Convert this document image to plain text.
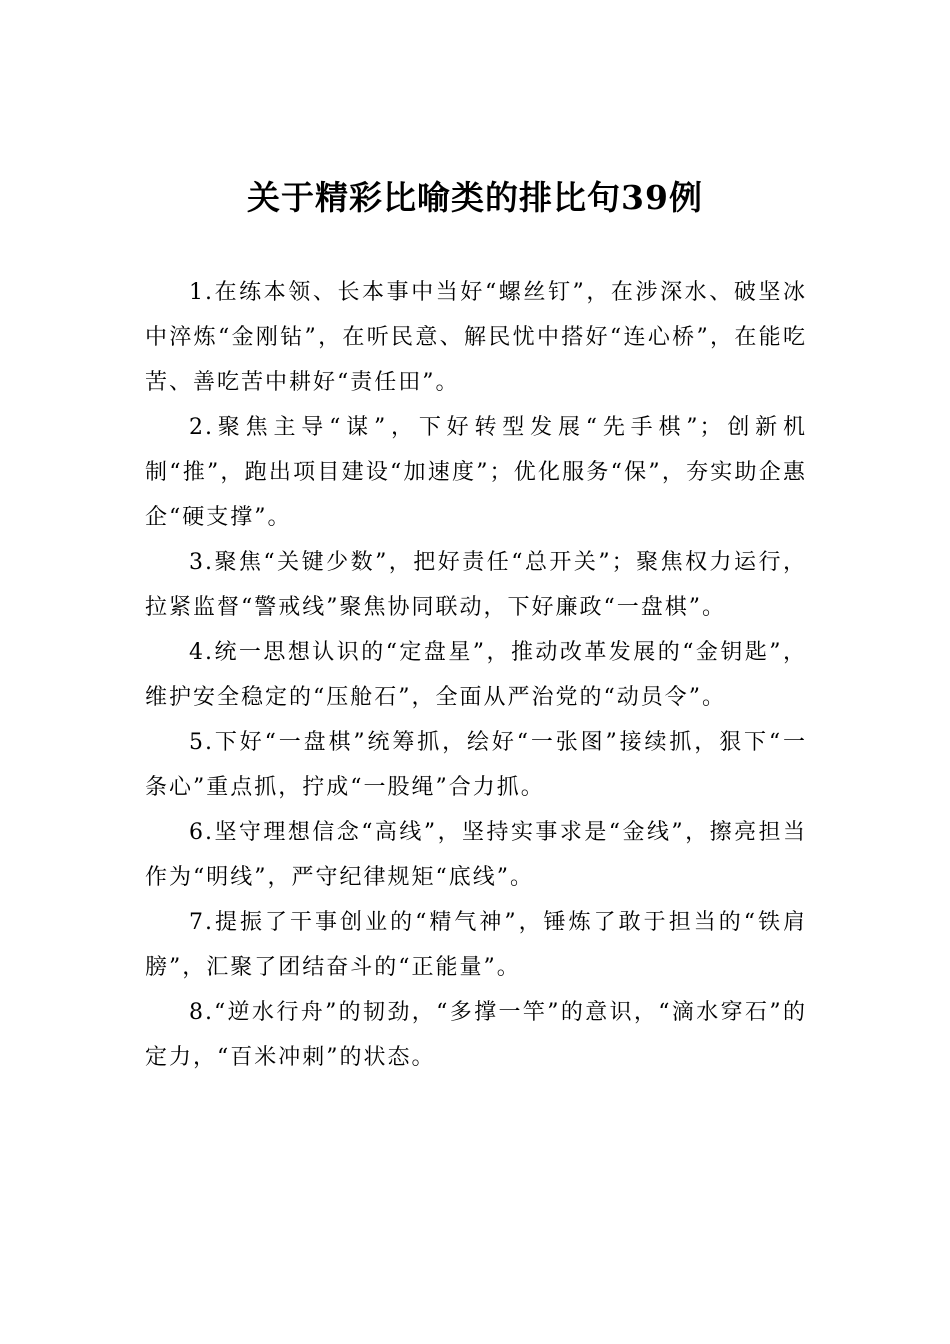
关于精彩比喻类的排比句39例

1.在练本领、长本事中当好“螺丝钉”，在涉深水、破坚冰中淬炼“金刚钻”，在听民意、解民忧中搭好“连心桥”，在能吃苦、善吃苦中耕好“责任田”。

2.聚焦主导“谋”，下好转型发展“先手棋”；创新机制“推”，跑出项目建设“加速度”；优化服务“保”，夯实助企惠企“硬支撑”。

3.聚焦“关键少数”，把好责任“总开关”；聚焦权力运行，拉紧监督“警戒线”聚焦协同联动，下好廉政“一盘棋”。

4.统一思想认识的“定盘星”，推动改革发展的“金钥匙”，维护安全稳定的“压舱石”，全面从严治党的“动员令”。

5.下好“一盘棋”统筹抓，绘好“一张图”接续抓，狠下“一条心”重点抓，拧成“一股绳”合力抓。

6.坚守理想信念“高线”，坚持实事求是“金线”，擦亮担当作为“明线”，严守纪律规矩“底线”。

7.提振了干事创业的“精气神”，锤炼了敢于担当的“铁肩膀”，汇聚了团结奋斗的“正能量”。

8.“逆水行舟”的韧劲，“多撑一竿”的意识，“滴水穿石”的定力，“百米冲刺”的状态。
